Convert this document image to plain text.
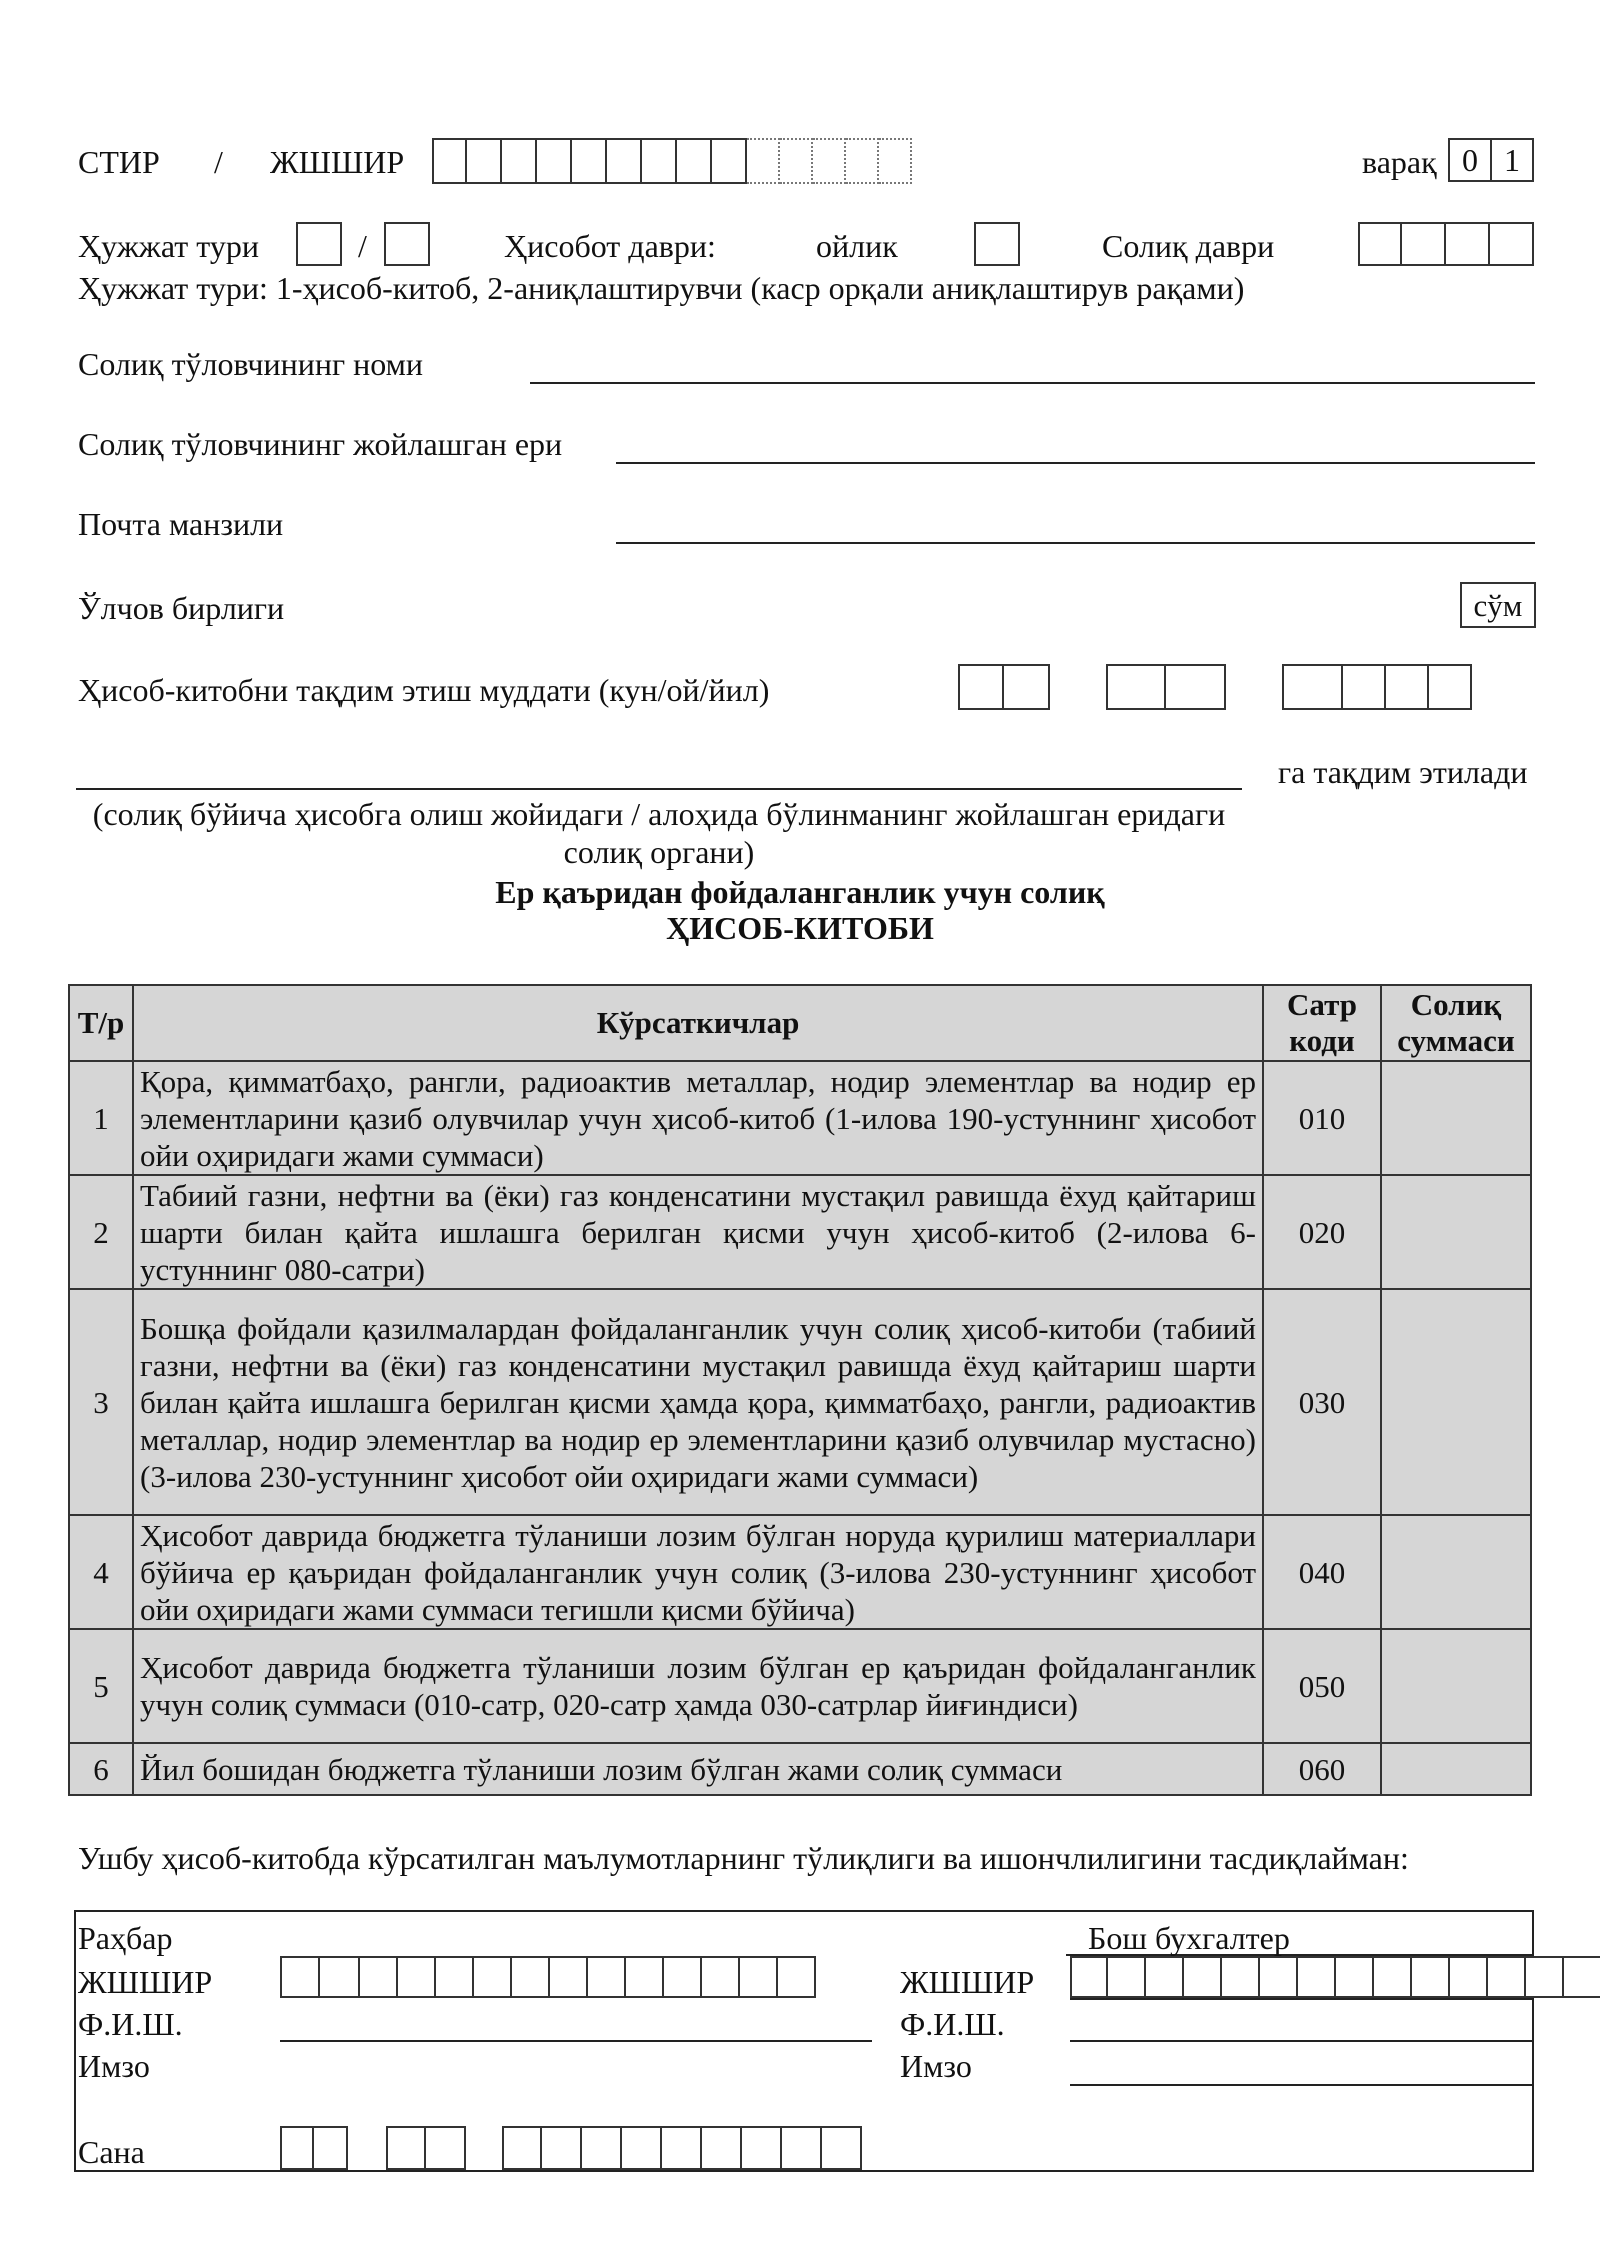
СТИР / ЖШШИР	варақ 0 1
Ҳужжат тури	/	Ҳисобот даври:	ойлик	Солиқ даври
Ҳужжат тури: 1-ҳисоб-китоб, 2-аниқлаштирувчи (каср орқали аниқлаштирув рақами)
Солиқ тўловчининг номи
Солиқ тўловчининг жойлашган ери
Почта манзили
Ўлчов бирлиги	сўм
Ҳисоб-китобни тақдим этиш муддати (кун/ой/йил)
га тақдим этилади
(солиқ бўйича ҳисобга олиш жойидаги / алоҳида бўлинманинг жойлашган еридаги
солиқ органи)
Ер қаъридан фойдаланганлик учун солиқ
ҲИСОБ-КИТОБИ
Т/р	Кўрсаткичлар	Сатр коди	Солиқ суммаси
1	Қора, қимматбаҳо, рангли, радиоактив металлар, нодир элементлар ва нодир ер элементларини қазиб олувчилар учун ҳисоб-китоб (1-илова 190-устуннинг ҳисобот ойи оҳиридаги жами суммаси)	010	
2	Табиий газни, нефтни ва (ёки) газ конденсатини мустақил равишда ёхуд қайтариш шарти билан қайта ишлашга берилган қисми учун ҳисоб-китоб (2-илова 6-устуннинг 080-сатри)	020	
3	Бошқа фойдали қазилмалардан фойдаланганлик учун солиқ ҳисоб-китоби (табиий газни, нефтни ва (ёки) газ конденсатини мустақил равишда ёхуд қайтариш шарти билан қайта ишлашга берилган қисми ҳамда қора, қимматбаҳо, рангли, радиоактив металлар, нодир элементлар ва нодир ер элементларини қазиб олувчилар мустасно) (3-илова 230-устуннинг ҳисобот ойи оҳиридаги жами суммаси)	030	
4	Ҳисобот даврида бюджетга тўланиши лозим бўлган норуда қурилиш материаллари бўйича ер қаъридан фойдаланганлик учун солиқ (3-илова 230-устуннинг ҳисобот ойи оҳиридаги жами суммаси тегишли қисми бўйича)	040	
5	Ҳисобот даврида бюджетга тўланиши лозим бўлган ер қаъридан фойдаланганлик учун солиқ суммаси (010-сатр, 020-сатр ҳамда 030-сатрлар йиғиндиси)	050	
6	Йил бошидан бюджетга тўланиши лозим бўлган жами солиқ суммаси	060	
Ушбу ҳисоб-китобда кўрсатилган маълумотларнинг тўлиқлиги ва ишончлилигини тасдиқлайман:
Раҳбар	Бош бухгалтер
ЖШШИР	ЖШШИР
Ф.И.Ш.	Ф.И.Ш.
Имзо	Имзо
Сана
